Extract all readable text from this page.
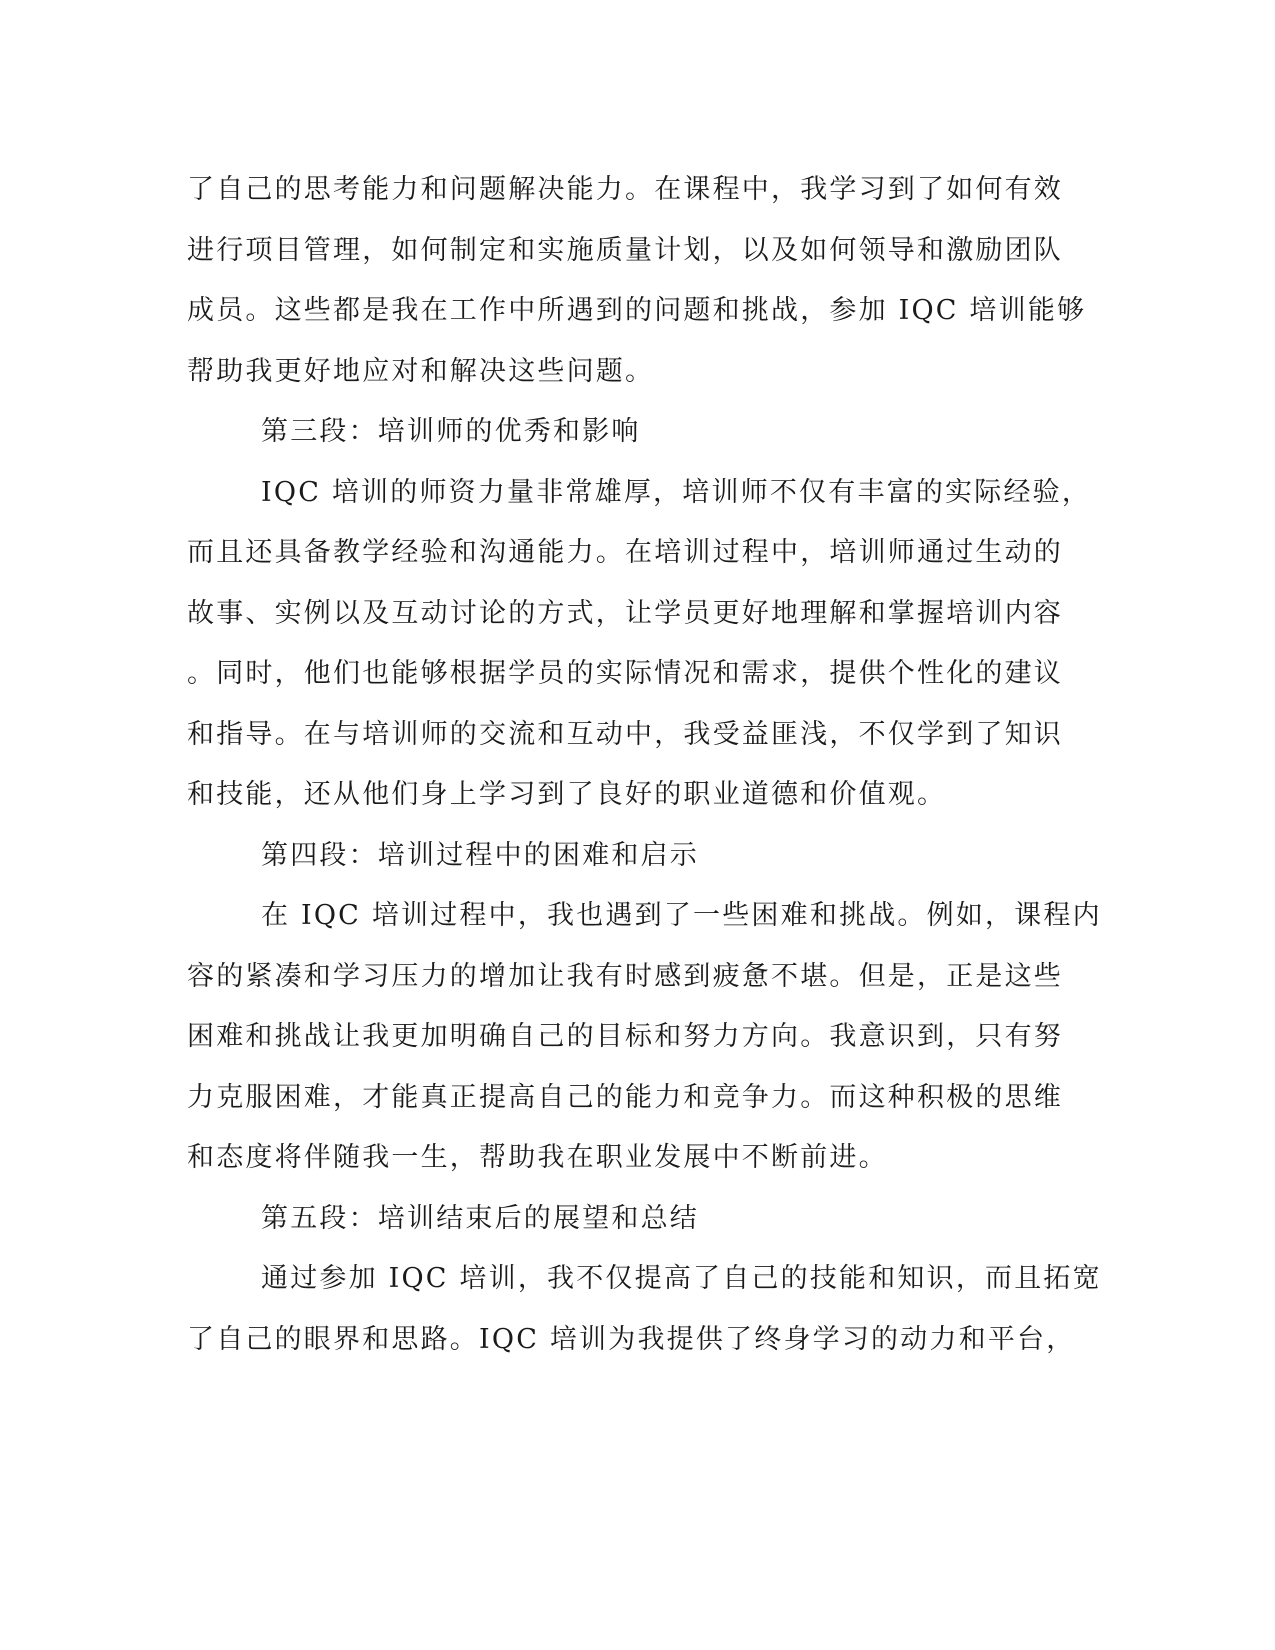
了自己的思考能力和问题解决能力。在课程中，我学习到了如何有效
进行项目管理，如何制定和实施质量计划，以及如何领导和激励团队
成员。这些都是我在工作中所遇到的问题和挑战，参加 IQC 培训能够
帮助我更好地应对和解决这些问题。
第三段：培训师的优秀和影响
IQC 培训的师资力量非常雄厚，培训师不仅有丰富的实际经验，
而且还具备教学经验和沟通能力。在培训过程中，培训师通过生动的
故事、实例以及互动讨论的方式，让学员更好地理解和掌握培训内容
。同时，他们也能够根据学员的实际情况和需求，提供个性化的建议
和指导。在与培训师的交流和互动中，我受益匪浅，不仅学到了知识
和技能，还从他们身上学习到了良好的职业道德和价值观。
第四段：培训过程中的困难和启示
在 IQC 培训过程中，我也遇到了一些困难和挑战。例如，课程内
容的紧凑和学习压力的增加让我有时感到疲惫不堪。但是，正是这些
困难和挑战让我更加明确自己的目标和努力方向。我意识到，只有努
力克服困难，才能真正提高自己的能力和竞争力。而这种积极的思维
和态度将伴随我一生，帮助我在职业发展中不断前进。
第五段：培训结束后的展望和总结
通过参加 IQC 培训，我不仅提高了自己的技能和知识，而且拓宽
了自己的眼界和思路。IQC 培训为我提供了终身学习的动力和平台，
